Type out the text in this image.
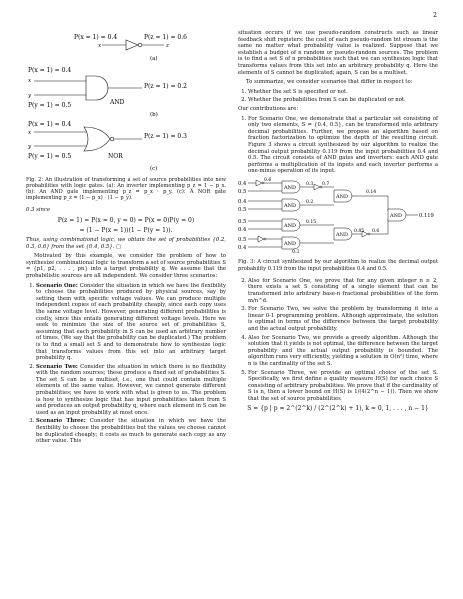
2
P(x = 1) = 0.4	P(z = 1) = 0.6
x	z
(a)
P(x = 1) = 0.4
P(z = 1) = 0.2
P(y = 1) = 0.5
x
y
AND
(b)
P(x = 1) = 0.4
P(z = 1) = 0.3
P(y = 1) = 0.5
x
y
NOR
(c)

Fig. 2: An illustration of transforming a set of source probabilities into new probabilities with logic gates. (a): An inverter implementing p_z = 1 − p_x. (b): An AND gate implementing p_z = p_x · p_y. (c): A NOR gate implementing p_z = (1 − p_x) · (1 − p_y).

0.3 since

P(z = 1) = P(x = 0, y = 0) = P(x = 0)P(y = 0)
= (1 − P(x = 1))(1 − P(y = 1)).

Thus, using combinational logic, we obtain the set of probabilities {0.2, 0.3, 0.6} from the set {0.4, 0.5}. □

Motivated by this example, we consider the problem of how to synthesize combinational logic to transform a set of source probabilities S = {p1, p2, . . . , pn} into a target probability q. We assume that the probabilistic sources are all independent. We consider three scenarios:

1. Scenario One: Consider the situation in which we have the flexibility to choose the probabilities produced by physical sources, say by setting them with specific voltage values. We can produce multiple independent copies of each probability cheaply, since each copy uses the same voltage level. However, generating different probabilities is costly, since this entails generating different voltage levels. Here we seek to minimize the size of the source set of probabilities S, assuming that each probability in S can be used an arbitrary number of times. (We say that the probability can be duplicated.) The problem is to find a small set S and to demonstrate how to synthesize logic that transforms values from this set into an arbitrary target probability q.
2. Scenario Two: Consider the situation in which there is no flexibility with the random sources; these produce a fixed set of probabilities S. The set S can be a multiset, i.e., one that could contain multiple elements of the same value. However, we cannot generate different probabilities; we have to work with what is given to us. The problem is how to synthesize logic that has input probabilities taken from S and produces an output probability q, where each element in S can be used as an input probability at most once.
3. Scenario Three: Consider the situation in which we have the flexibility to choose the probabilities but the values we choose cannot be duplicated cheaply; it costs as much to generate each copy as any other value. This

situation occurs if we use pseudo-random constructs such as linear feedback shift registers: the cost of each pseudo-random bit stream is the same no matter what probability value is realized. Suppose that we establish a budget of n random or pseudo-random sources. The problem is to find a set S of n probabilities such that we can synthesize logic that transforms values from this set into an arbitrary probability q. Here the elements of S cannot be duplicated; again, S can be a multiset.

To summarize, we consider scenarios that differ in respect to:

1. Whether the set S is specified or not.
2. Whether the probabilities from S can be duplicated or not.

Our contributions are:

1. For Scenario One, we demonstrate that a particular set consisting of only two elements, S = {0.4, 0.5}, can be transformed into arbitrary decimal probabilities. Further, we propose an algorithm based on fraction factorization to optimize the depth of the resulting circuit. Figure 3 shows a circuit synthesized by our algorithm to realize the decimal output probability 0.119 from the input probabilities 0.4 and 0.5. The circuit consists of AND gates and inverters: each AND gate performs a multiplication of its inputs and each inverter performs a one-minus operation of its input.
0.4
0.5
0.4
0.5
0.5
0.4
0.5
0.4
AND
AND
AND
AND
AND
AND
AND	0.119
0.6
0.3 0.7
0.2
0.14
0.15
0.85 0.6
0.3

Fig. 3: A circuit synthesized by our algorithm to realize the decimal output probability 0.119 from the input probabilities 0.4 and 0.5.

2. Also for Scenario One, we prove that for any given integer n ≥ 2, there exists a set S consisting of a single element that can be transformed into arbitrary base-n fractional probabilities of the form m/n^d.
3. For Scenario Two, we solve the problem by transforming it into a linear 0-1 programming problem. Although approximate, the solution is optimal in terms of the difference between the target probability and the actual output probability.
4. Also for Scenario Two, we provide a greedy algorithm. Although the solution that it yields is not optimal, the difference between the target probability and the actual output probability is bounded. The algorithm runs very efficiently, yielding a solution in O(n²) time, where n is the cardinality of the set S.
5. For Scenario Three, we provide an optimal choice of the set S. Specifically, we first define a quality measure H(S) for each choice S consisting of arbitrary probabilities. We prove that if the cardinality of S is n, then a lower bound on H(S) is 1/(4(2^n − 1)). Then we show that the set of source probabilities
S = {p | p = 2^(2^k) / (2^(2^k) + 1), k = 0, 1, . . . , n − 1}
